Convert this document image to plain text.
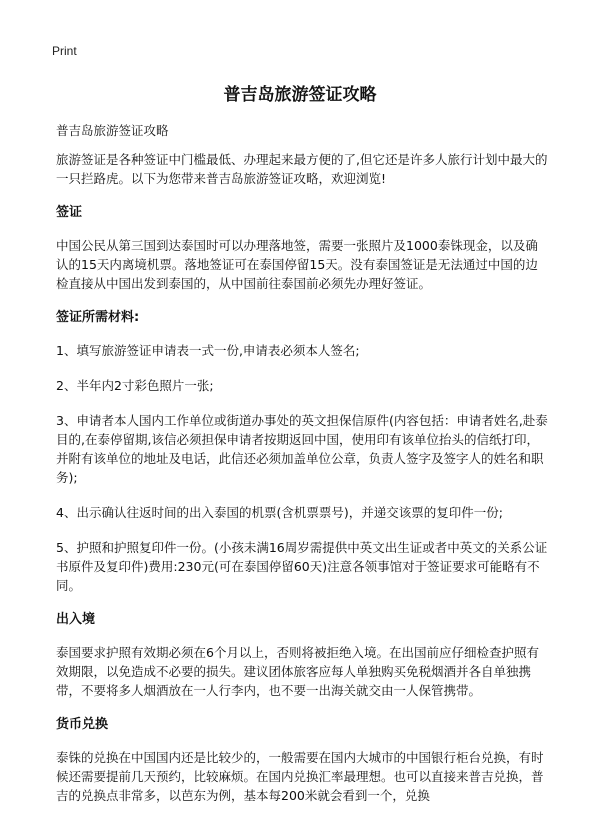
Print
普吉岛旅游签证攻略
普吉岛旅游签证攻略

旅游签证是各种签证中门槛最低、办理起来最方便的了,但它还是许多人旅行计划中最大的一只拦路虎。以下为您带来普吉岛旅游签证攻略，欢迎浏览!

签证

中国公民从第三国到达泰国时可以办理落地签，需要一张照片及1000泰铢现金，以及确认的15天内离境机票。落地签证可在泰国停留15天。没有泰国签证是无法通过中国的边检直接从中国出发到泰国的，从中国前往泰国前必须先办理好签证。

签证所需材料:

1、填写旅游签证申请表一式一份,申请表必须本人签名;

2、半年内2寸彩色照片一张;

3、申请者本人国内工作单位或街道办事处的英文担保信原件(内容包括：申请者姓名,赴泰目的,在泰停留期,该信必须担保申请者按期返回中国，使用印有该单位抬头的信纸打印，并附有该单位的地址及电话，此信还必须加盖单位公章，负责人签字及签字人的姓名和职务);

4、出示确认往返时间的出入泰国的机票(含机票票号)，并递交该票的复印件一份;

5、护照和护照复印件一份。(小孩未满16周岁需提供中英文出生证或者中英文的关系公证书原件及复印件)费用:230元(可在泰国停留60天)注意各领事馆对于签证要求可能略有不同。

出入境

泰国要求护照有效期必须在6个月以上，否则将被拒绝入境。在出国前应仔细检查护照有效期限，以免造成不必要的损失。建议团体旅客应每人单独购买免税烟酒并各自单独携带，不要将多人烟酒放在一人行李内，也不要一出海关就交由一人保管携带。

货币兑换

泰铢的兑换在中国国内还是比较少的，一般需要在国内大城市的中国银行柜台兑换，有时候还需要提前几天预约，比较麻烦。在国内兑换汇率最理想。也可以直接来普吉兑换，普吉的兑换点非常多，以芭东为例，基本每200米就会看到一个，兑换
